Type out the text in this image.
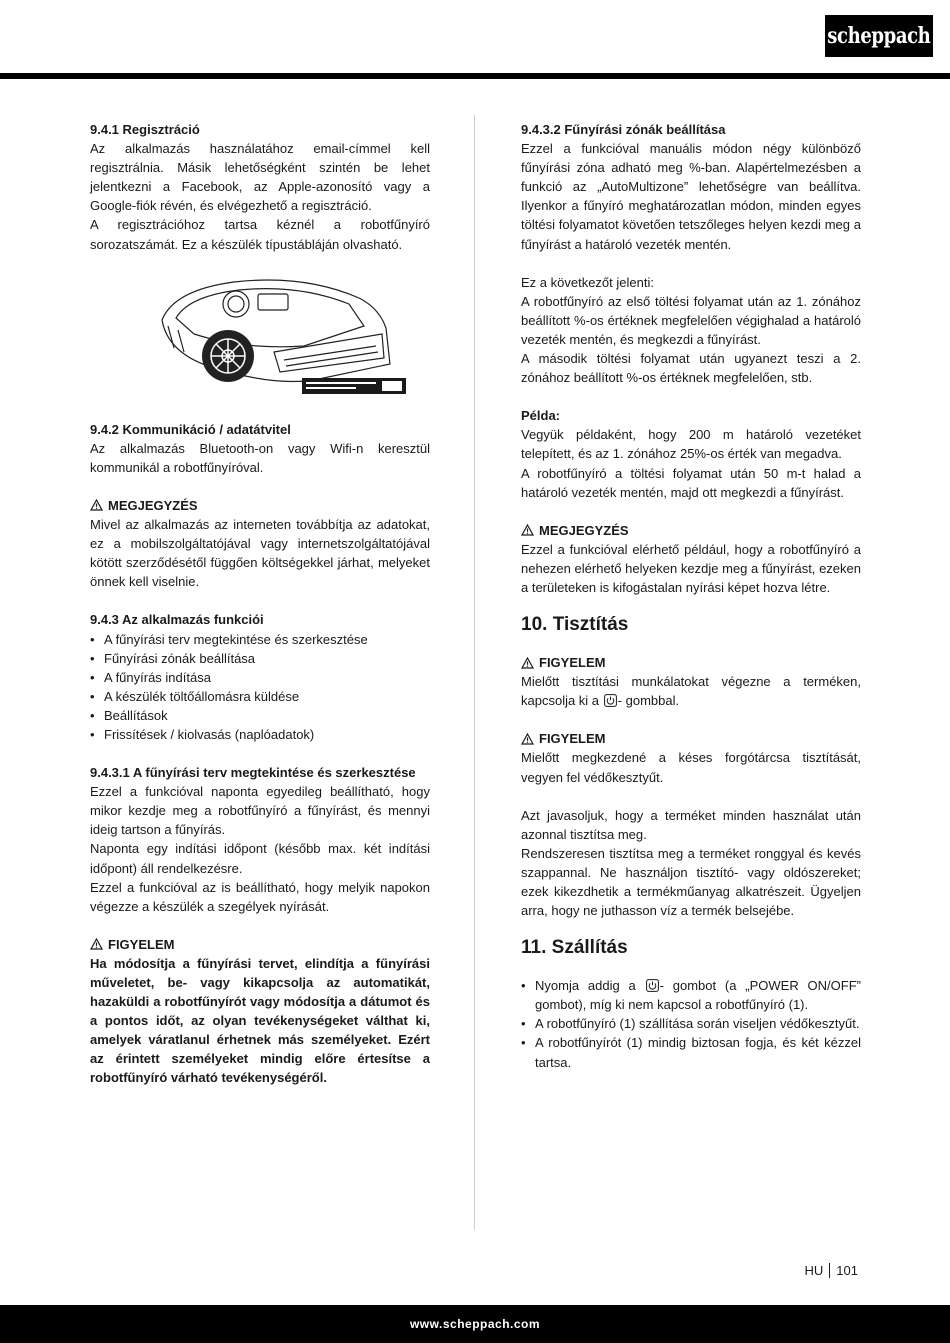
scheppach

9.4.1 Regisztráció

Az alkalmazás használatához email-címmel kell regisztrálnia. Másik lehetőségként szintén be lehet jelentkezni a Facebook, az Apple-azonosító vagy a Google-fiók révén, és elvégezhető a regisztráció.

A regisztrációhoz tartsa kéznél a robotfűnyíró sorozatszámát. Ez a készülék típustábláján olvasható.

9.4.2 Kommunikáció / adatátvitel

Az alkalmazás Bluetooth-on vagy Wifi-n keresztül kommunikál a robotfűnyíróval.

MEGJEGYZÉS

Mivel az alkalmazás az interneten továbbítja az adatokat, ez a mobilszolgáltatójával vagy internetszolgáltatójával kötött szerződésétől függően költségekkel járhat, melyeket önnek kell viselnie.

9.4.3 Az alkalmazás funkciói

• A fűnyírási terv megtekintése és szerkesztése
• Fűnyírási zónák beállítása
• A fűnyírás indítása
• A készülék töltőállomásra küldése
• Beállítások
• Frissítések / kiolvasás (naplóadatok)

9.4.3.1 A fűnyírási terv megtekintése és szerkesztése

Ezzel a funkcióval naponta egyedileg beállítható, hogy mikor kezdje meg a robotfűnyíró a fűnyírást, és mennyi ideig tartson a fűnyírás.

Naponta egy indítási időpont (később max. két indítási időpont) áll rendelkezésre.

Ezzel a funkcióval az is beállítható, hogy melyik napokon végezze a készülék a szegélyek nyírását.

FIGYELEM

Ha módosítja a fűnyírási tervet, elindítja a fűnyírási műveletet, be- vagy kikapcsolja az automatikát, hazaküldi a robotfűnyírót vagy módosítja a dátumot és a pontos időt, az olyan tevékenységeket válthat ki, amelyek váratlanul érhetnek más személyeket. Ezért az érintett személyeket mindig előre értesítse a robotfűnyíró várható tevékenységéről.

9.4.3.2 Fűnyírási zónák beállítása

Ezzel a funkcióval manuális módon négy különböző fűnyírási zóna adható meg %-ban. Alapértelmezésben a funkció az „AutoMultizone” lehetőségre van beállítva. Ilyenkor a fűnyíró meghatározatlan módon, minden egyes töltési folyamatot követően tetszőleges helyen kezdi meg a fűnyírást a határoló vezeték mentén.

Ez a következőt jelenti:

A robotfűnyíró az első töltési folyamat után az 1. zónához beállított %-os értéknek megfelelően végighalad a határoló vezeték mentén, és megkezdi a fűnyírást.

A második töltési folyamat után ugyanezt teszi a 2. zónához beállított %-os értéknek megfelelően, stb.

Példa:

Vegyük példaként, hogy 200 m határoló vezetéket telepített, és az 1. zónához 25%-os érték van megadva.

A robotfűnyíró a töltési folyamat után 50 m-t halad a határoló vezeték mentén, majd ott megkezdi a fűnyírást.

MEGJEGYZÉS

Ezzel a funkcióval elérhető például, hogy a robotfűnyíró a nehezen elérhető helyeken kezdje meg a fűnyírást, ezeken a területeken is kifogástalan nyírási képet hozva létre.

10. Tisztítás

FIGYELEM

Mielőtt tisztítási munkálatokat végezne a terméken, kapcsolja ki a - gombbal.

FIGYELEM

Mielőtt megkezdené a késes forgótárcsa tisztítását, vegyen fel védőkesztyűt.

Azt javasoljuk, hogy a terméket minden használat után azonnal tisztítsa meg.

Rendszeresen tisztítsa meg a terméket ronggyal és kevés szappannal. Ne használjon tisztító- vagy oldószereket; ezek kikezdhetik a termékműanyag alkatrészeit. Ügyeljen arra, hogy ne juthasson víz a termék belsejébe.

11. Szállítás

• Nyomja addig a - gombot (a „POWER ON/OFF” gombot), míg ki nem kapcsol a robotfűnyíró (1).
• A robotfűnyíró (1) szállítása során viseljen védőkesztyűt.
• A robotfűnyírót (1) mindig biztosan fogja, és két kézzel tartsa.
HU 101
www.scheppach.com
